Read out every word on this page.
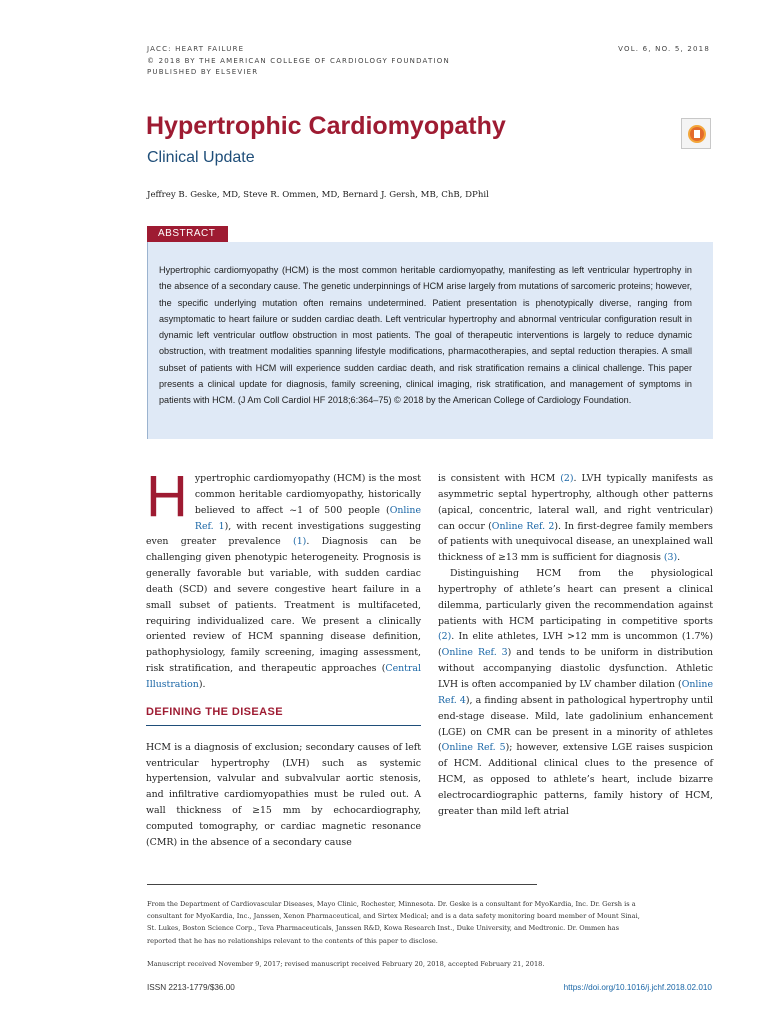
JACC: HEART FAILURE
© 2018 BY THE AMERICAN COLLEGE OF CARDIOLOGY FOUNDATION
PUBLISHED BY ELSEVIER
VOL. 6, NO. 5, 2018
Hypertrophic Cardiomyopathy
Clinical Update
Jeffrey B. Geske, MD, Steve R. Ommen, MD, Bernard J. Gersh, MB, ChB, DPhil
ABSTRACT

Hypertrophic cardiomyopathy (HCM) is the most common heritable cardiomyopathy, manifesting as left ventricular hypertrophy in the absence of a secondary cause. The genetic underpinnings of HCM arise largely from mutations of sarcomeric proteins; however, the specific underlying mutation often remains undetermined. Patient presentation is phenotypically diverse, ranging from asymptomatic to heart failure or sudden cardiac death. Left ventricular hypertrophy and abnormal ventricular configuration result in dynamic left ventricular outflow obstruction in most patients. The goal of therapeutic interventions is largely to reduce dynamic obstruction, with treatment modalities spanning lifestyle modifications, pharmacotherapies, and septal reduction therapies. A small subset of patients with HCM will experience sudden cardiac death, and risk stratification remains a clinical challenge. This paper presents a clinical update for diagnosis, family screening, clinical imaging, risk stratification, and management of symptoms in patients with HCM. (J Am Coll Cardiol HF 2018;6:364–75) © 2018 by the American College of Cardiology Foundation.

Hypertrophic cardiomyopathy (HCM) is the most common heritable cardiomyopathy, historically believed to affect ~1 of 500 people (Online Ref. 1), with recent investigations suggesting even greater prevalence (1). Diagnosis can be challenging given phenotypic heterogeneity. Prognosis is generally favorable but variable, with sudden cardiac death (SCD) and severe congestive heart failure in a small subset of patients. Treatment is multifaceted, requiring individualized care. We present a clinically oriented review of HCM spanning disease definition, pathophysiology, family screening, imaging assessment, risk stratification, and therapeutic approaches (Central Illustration).

DEFINING THE DISEASE

HCM is a diagnosis of exclusion; secondary causes of left ventricular hypertrophy (LVH) such as systemic hypertension, valvular and subvalvular aortic stenosis, and infiltrative cardiomyopathies must be ruled out. A wall thickness of ≥15 mm by echocardiography, computed tomography, or cardiac magnetic resonance (CMR) in the absence of a secondary cause

is consistent with HCM (2). LVH typically manifests as asymmetric septal hypertrophy, although other patterns (apical, concentric, lateral wall, and right ventricular) can occur (Online Ref. 2). In first-degree family members of patients with unequivocal disease, an unexplained wall thickness of ≥13 mm is sufficient for diagnosis (3).

Distinguishing HCM from the physiological hypertrophy of athlete’s heart can present a clinical dilemma, particularly given the recommendation against patients with HCM participating in competitive sports (2). In elite athletes, LVH >12 mm is uncommon (1.7%) (Online Ref. 3) and tends to be uniform in distribution without accompanying diastolic dysfunction. Athletic LVH is often accompanied by LV chamber dilation (Online Ref. 4), a finding absent in pathological hypertrophy until end-stage disease. Mild, late gadolinium enhancement (LGE) on CMR can be present in a minority of athletes (Online Ref. 5); however, extensive LGE raises suspicion of HCM. Additional clinical clues to the presence of HCM, as opposed to athlete’s heart, include bizarre electrocardiographic patterns, family history of HCM, greater than mild left atrial

From the Department of Cardiovascular Diseases, Mayo Clinic, Rochester, Minnesota. Dr. Geske is a consultant for MyoKardia, Inc. Dr. Gersh is a consultant for MyoKardia, Inc., Janssen, Xenon Pharmaceutical, and Sirtex Medical; and is a data safety monitoring board member of Mount Sinai, St. Lukes, Boston Science Corp., Teva Pharmaceuticals, Janssen R&D, Kowa Research Inst., Duke University, and Medtronic. Dr. Ommen has reported that he has no relationships relevant to the contents of this paper to disclose.

Manuscript received November 9, 2017; revised manuscript received February 20, 2018, accepted February 21, 2018.

ISSN 2213-1779/$36.00	https://doi.org/10.1016/j.jchf.2018.02.010
